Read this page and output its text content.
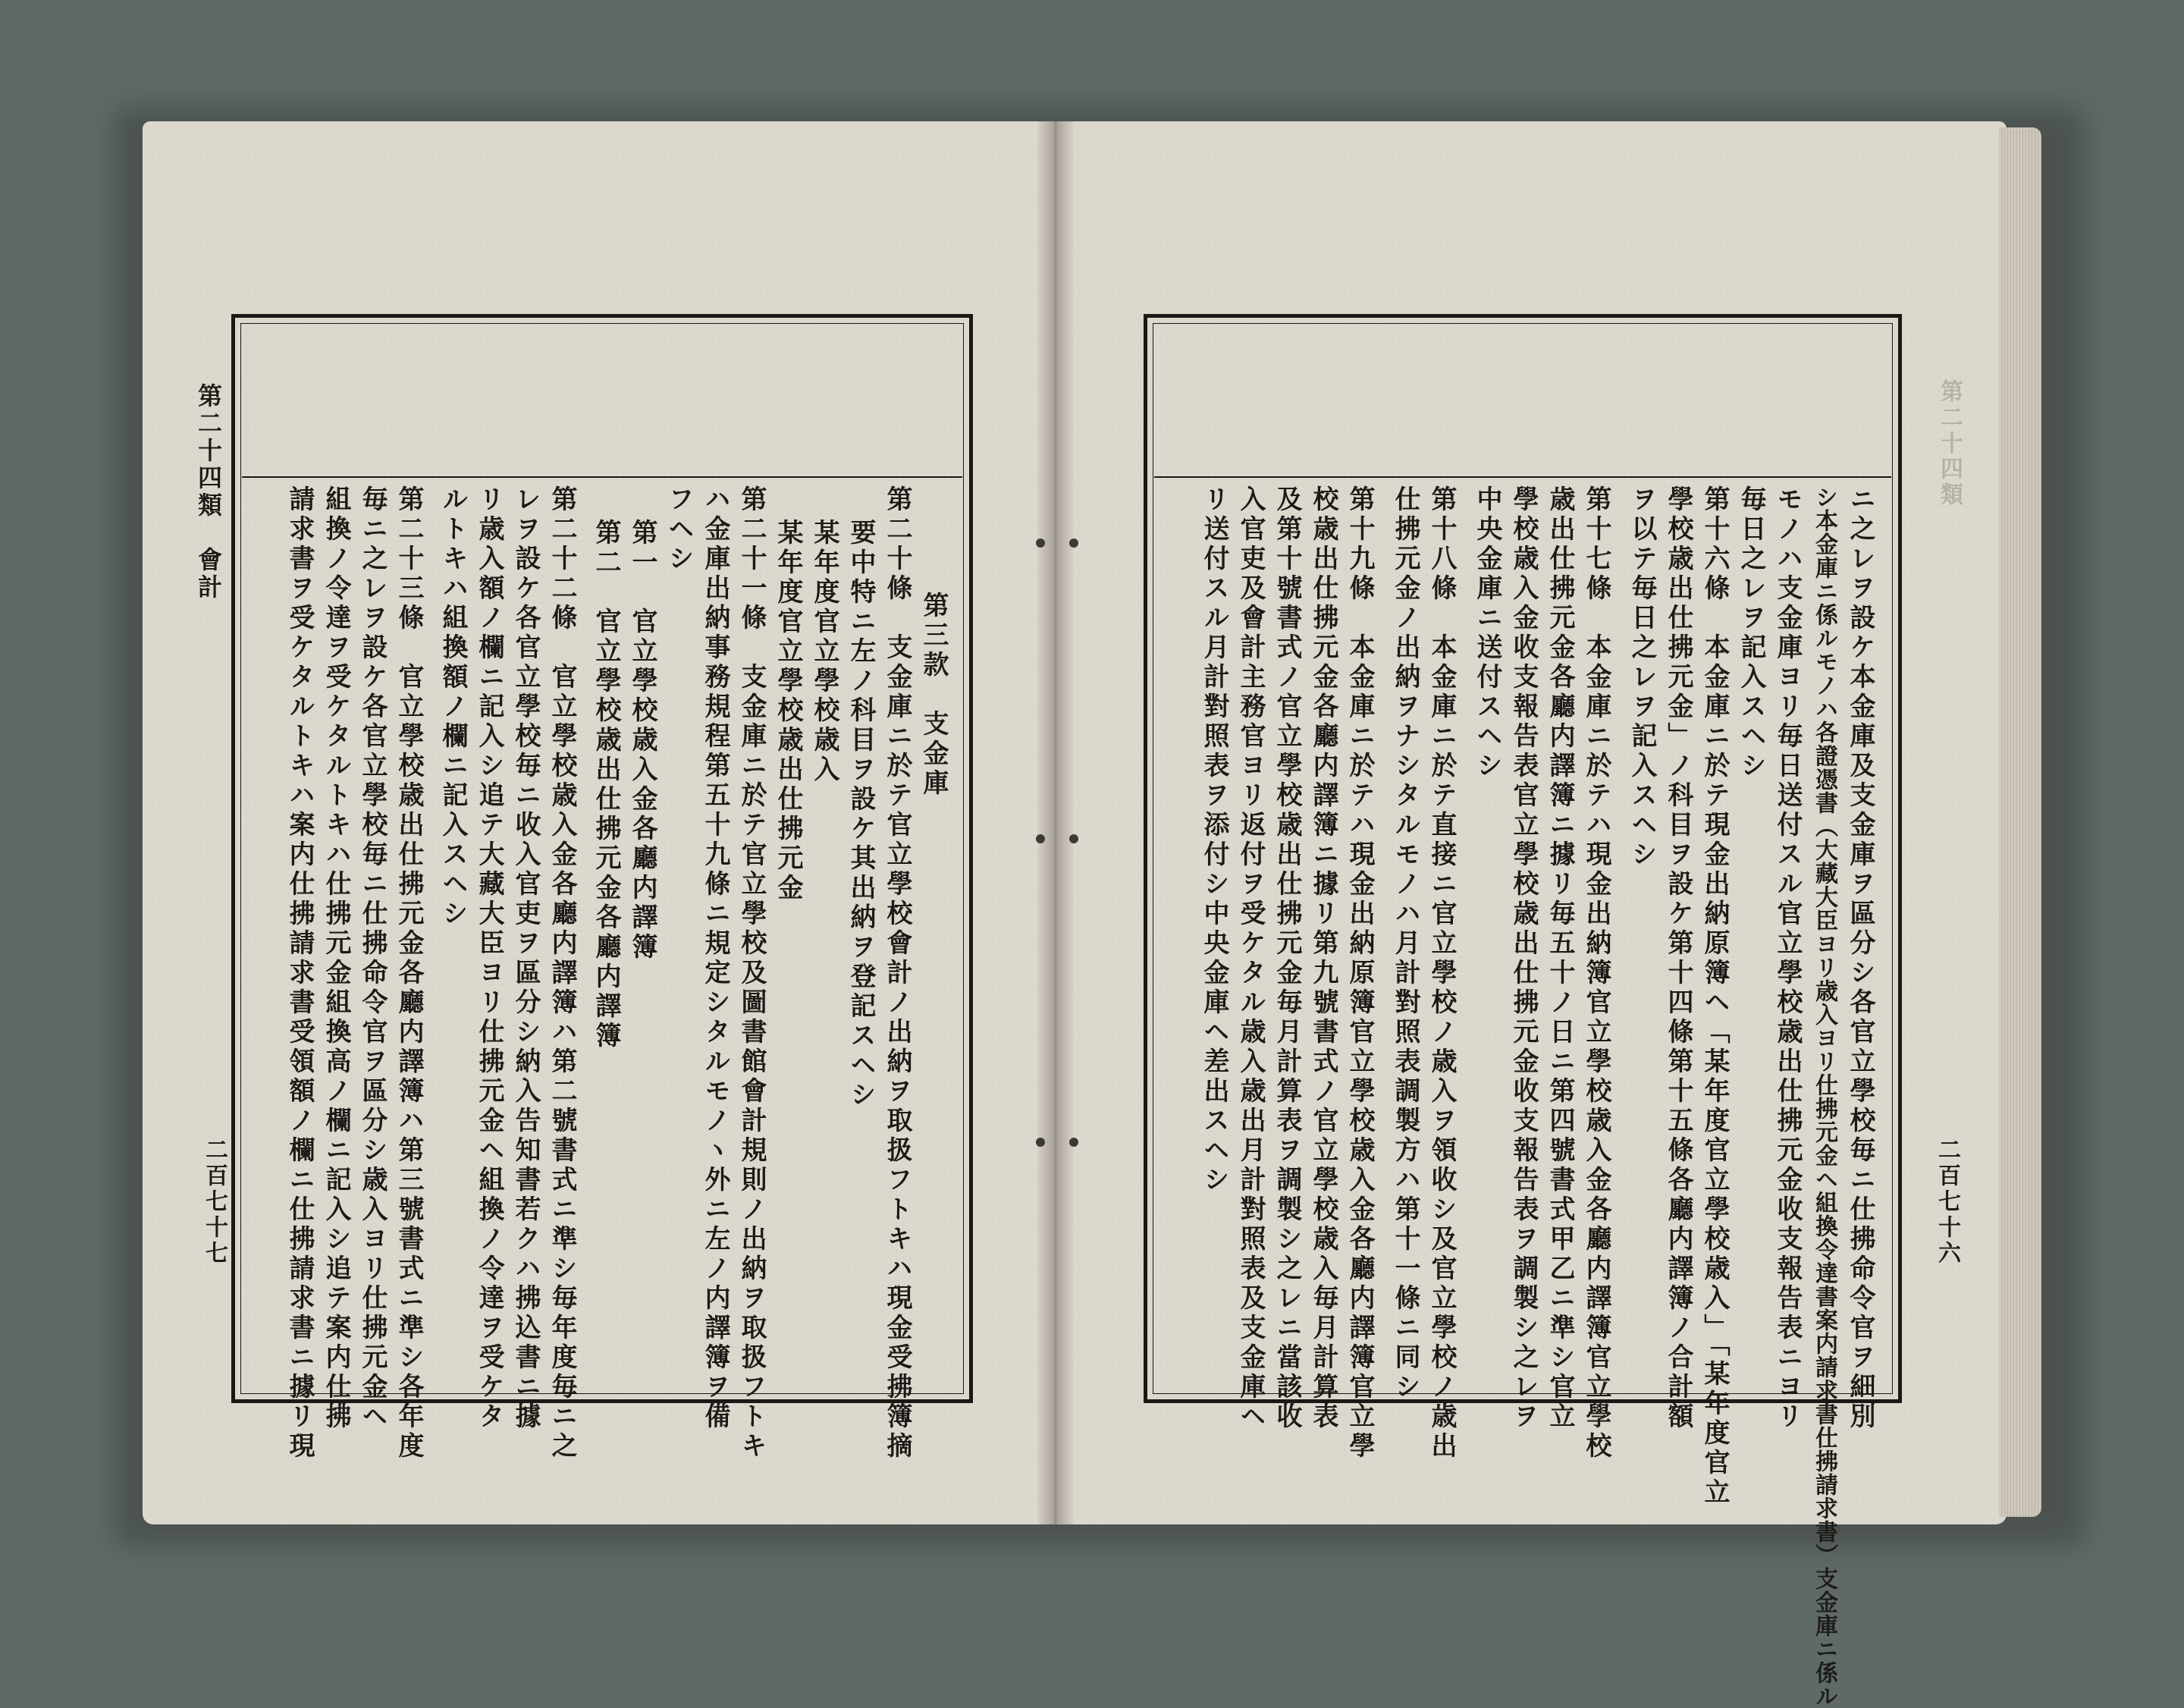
第二十四類　會計
二百七十七
第二十四類
二百七十六
第三款　支金庫
第二十條　支金庫ニ於テ官立學校會計ノ出納ヲ取扱フトキハ現金受拂簿摘
要中特ニ左ノ科目ヲ設ケ其出納ヲ登記スヘシ
某年度官立學校歳入
某年度官立學校歳出仕拂元金
第二十一條　支金庫ニ於テ官立學校及圖書館會計規則ノ出納ヲ取扱フトキ
ハ金庫出納事務規程第五十九條ニ規定シタルモノヽ外ニ左ノ内譯簿ヲ備
フヘシ
第一　官立學校歳入金各廳内譯簿
第二　官立學校歳出仕拂元金各廳内譯簿
第二十二條　官立學校歳入金各廳内譯簿ハ第二號書式ニ準シ毎年度毎ニ之
レヲ設ケ各官立學校毎ニ收入官吏ヲ區分シ納入告知書若クハ拂込書ニ據
リ歳入額ノ欄ニ記入シ追テ大藏大臣ヨリ仕拂元金ヘ組換ノ令達ヲ受ケタ
ルトキハ組換額ノ欄ニ記入スヘシ
第二十三條　官立學校歳出仕拂元金各廳内譯簿ハ第三號書式ニ準シ各年度
毎ニ之レヲ設ケ各官立學校毎ニ仕拂命令官ヲ區分シ歳入ヨリ仕拂元金ヘ
組換ノ令達ヲ受ケタルトキハ仕拂元金組換高ノ欄ニ記入シ追テ案内仕拂
請求書ヲ受ケタルトキハ案内仕拂請求書受領額ノ欄ニ仕拂請求書ニ據リ現	ニ之レヲ設ケ本金庫及支金庫ヲ區分シ各官立學校毎ニ仕拂命令官ヲ細別
シ本金庫ニ係ルモノハ各證憑書（大藏大臣ヨリ歳入ヨリ仕拂元金ヘ組換令達書案内請求書仕拂請求書）支金庫ニ係ル
モノハ支金庫ヨリ毎日送付スル官立學校歳出仕拂元金收支報告表ニヨリ
毎日之レヲ記入スヘシ
第十六條　本金庫ニ於テ現金出納原簿ヘ「某年度官立學校歳入」「某年度官立
學校歳出仕拂元金」ノ科目ヲ設ケ第十四條第十五條各廳内譯簿ノ合計額
ヲ以テ毎日之レヲ記入スヘシ
第十七條　本金庫ニ於テハ現金出納簿官立學校歳入金各廳内譯簿官立學校
歳出仕拂元金各廳内譯簿ニ據リ毎五十ノ日ニ第四號書式甲乙ニ準シ官立
學校歳入金收支報告表官立學校歳出仕拂元金收支報告表ヲ調製シ之レヲ
中央金庫ニ送付スヘシ
第十八條　本金庫ニ於テ直接ニ官立學校ノ歳入ヲ領收シ及官立學校ノ歳出
仕拂元金ノ出納ヲナシタルモノハ月計對照表調製方ハ第十一條ニ同シ
第十九條　本金庫ニ於テハ現金出納原簿官立學校歳入金各廳内譯簿官立學
校歳出仕拂元金各廳内譯簿ニ據リ第九號書式ノ官立學校歳入毎月計算表
及第十號書式ノ官立學校歳出仕拂元金毎月計算表ヲ調製シ之レニ當該收
入官吏及會計主務官ヨリ返付ヲ受ケタル歳入歳出月計對照表及支金庫ヘ
リ送付スル月計對照表ヲ添付シ中央金庫ヘ差出スヘシ
